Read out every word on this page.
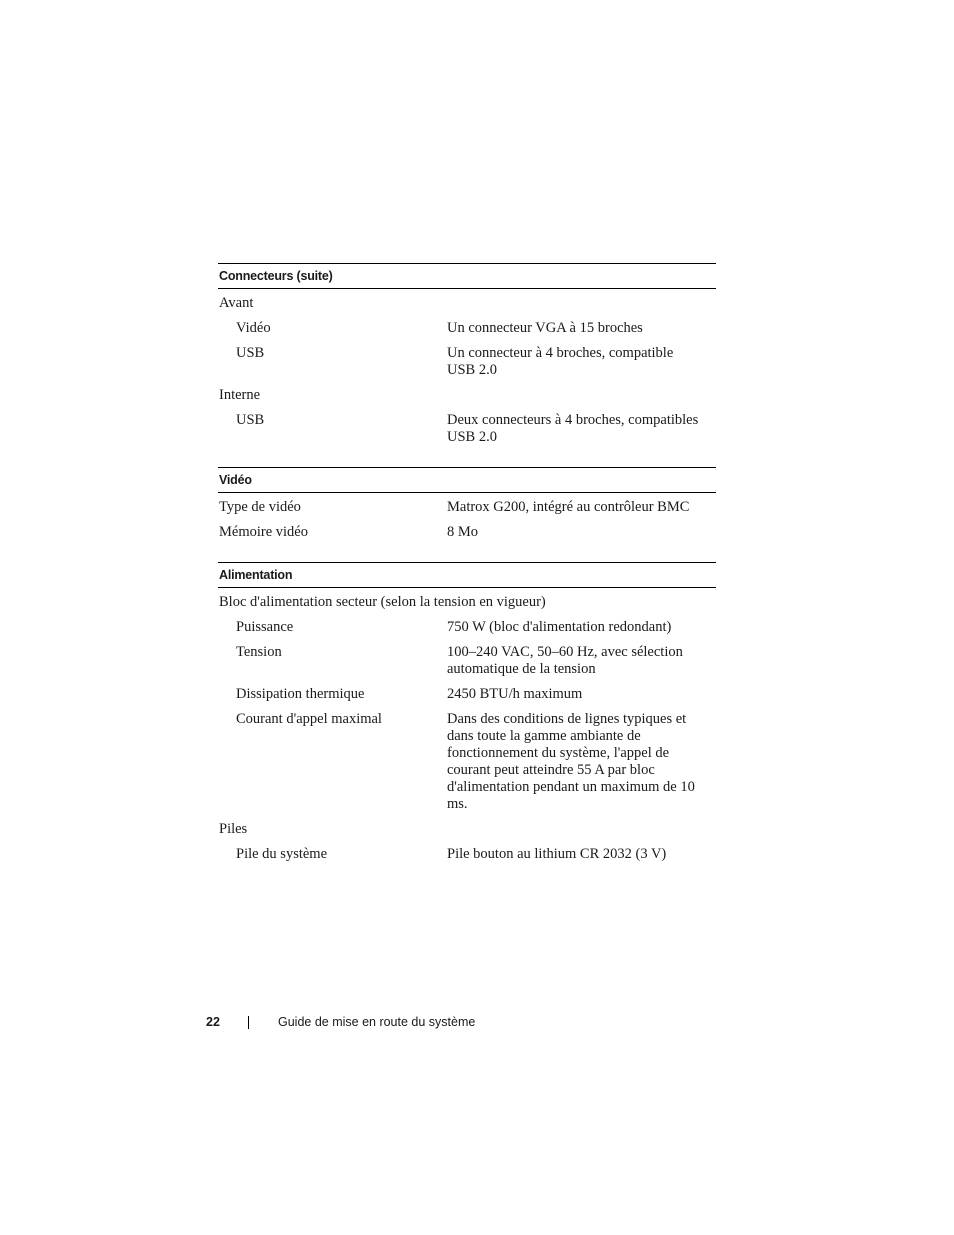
Connecteurs (suite)
Avant
Vidéo	Un connecteur VGA à 15 broches
USB	Un connecteur à 4 broches, compatible USB 2.0
Interne
USB	Deux connecteurs à 4 broches, compatibles USB 2.0
Vidéo
Type de vidéo	Matrox G200, intégré au contrôleur BMC
Mémoire vidéo	8 Mo
Alimentation
Bloc d'alimentation secteur (selon la tension en vigueur)
Puissance	750 W (bloc d'alimentation redondant)
Tension	100–240 VAC, 50–60 Hz, avec sélection automatique de la tension
Dissipation thermique	2450 BTU/h maximum
Courant d'appel maximal	Dans des conditions de lignes typiques et dans toute la gamme ambiante de fonctionnement du système, l'appel de courant peut atteindre 55 A par bloc d'alimentation pendant un maximum de 10 ms.
Piles
Pile du système	Pile bouton au lithium CR 2032 (3 V)
22	Guide de mise en route du système
